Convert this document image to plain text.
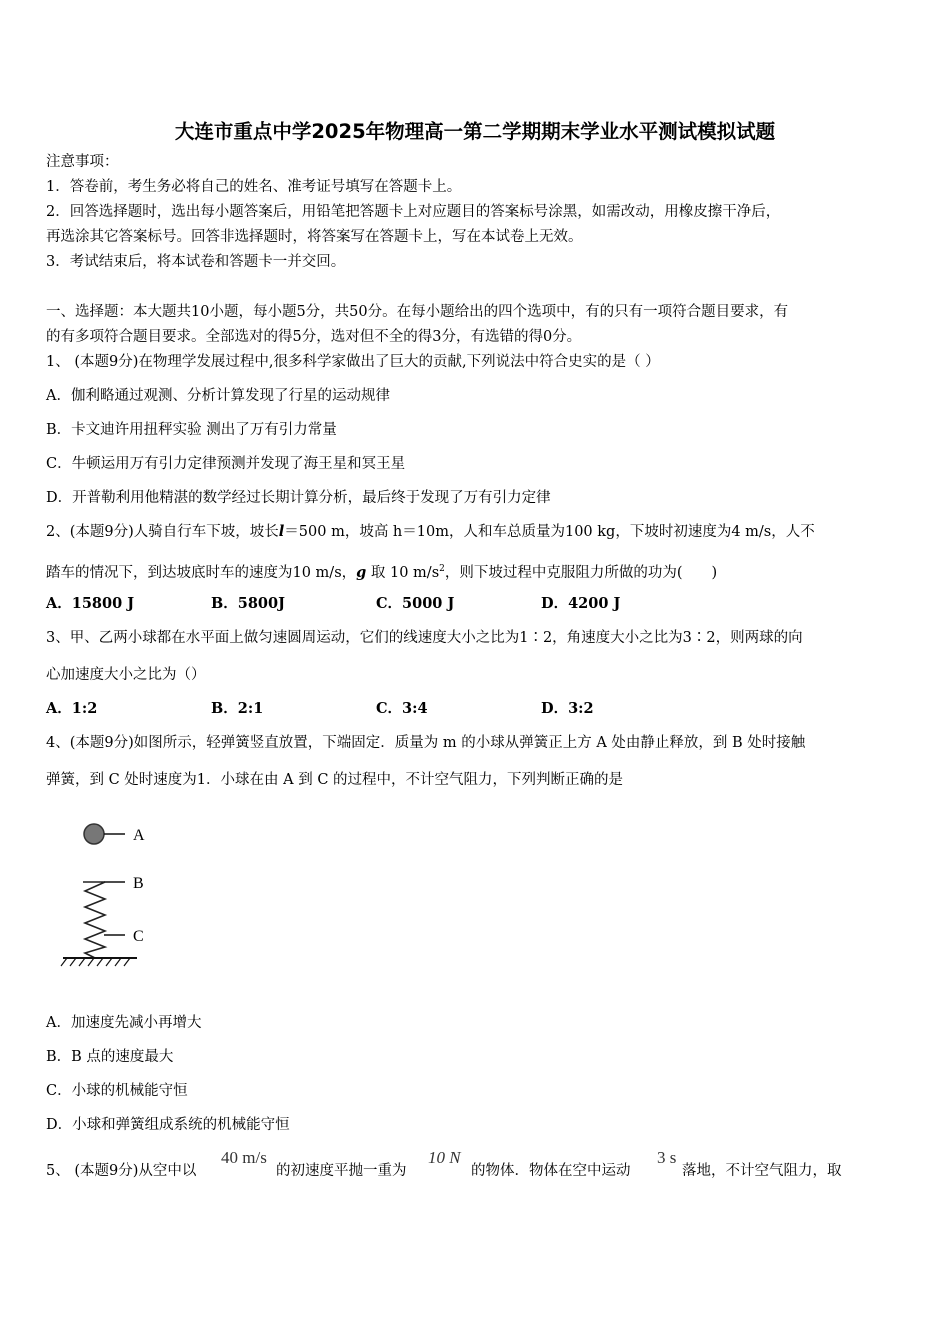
大连市重点中学2025年物理高一第二学期期末学业水平测试模拟试题
注意事项：
1．答卷前，考生务必将自己的姓名、准考证号填写在答题卡上。
2．回答选择题时，选出每小题答案后，用铅笔把答题卡上对应题目的答案标号涂黑，如需改动，用橡皮擦干净后，
再选涂其它答案标号。回答非选择题时，将答案写在答题卡上，写在本试卷上无效。
3．考试结束后，将本试卷和答题卡一并交回。
一、选择题：本大题共10小题，每小题5分，共50分。在每小题给出的四个选项中，有的只有一项符合题目要求，有
的有多项符合题目要求。全部选对的得5分，选对但不全的得3分，有选错的得0分。
1、 (本题9分)在物理学发展过程中,很多科学家做出了巨大的贡献,下列说法中符合史实的是（ ）
A．伽利略通过观测、分析计算发现了行星的运动规律
B．卡文迪许用扭秤实验 测出了万有引力常量
C．牛顿运用万有引力定律预测并发现了海王星和冥王星
D．开普勒利用他精湛的数学经过长期计算分析，最后终于发现了万有引力定律
2、(本题9分)人骑自行车下坡，坡长l＝500 m，坡高 h＝10m，人和车总质量为100 kg，下坡时初速度为4 m/s，人不
踏车的情况下，到达坡底时车的速度为10 m/s，g 取 10 $m/s^2$，则下坡过程中克服阻力所做的功为(　　)
A．15800 J	B．5800J	C．5000 J	D．4200 J
3、甲、乙两小球都在水平面上做匀速圆周运动，它们的线速度大小之比为1∶2，角速度大小之比为3∶2，则两球的向
心加速度大小之比为（）
A．1:2	B．2:1	C．3:4	D．3:2
4、(本题9分)如图所示，轻弹簧竖直放置，下端固定．质量为 m 的小球从弹簧正上方 A 处由静止释放，到 B 处时接触
弹簧，到 C 处时速度为1．小球在由 A 到 C 的过程中，不计空气阻力，下列判断正确的是
A
B
C
A．加速度先减小再增大
B．B 点的速度最大
C．小球的机械能守恒
D．小球和弹簧组成系统的机械能守恒
5、 (本题9分)从空中以
40 m/s
的初速度平抛一重为
10 N
的物体．物体在空中运动
3 s
落地，不计空气阻力，取
